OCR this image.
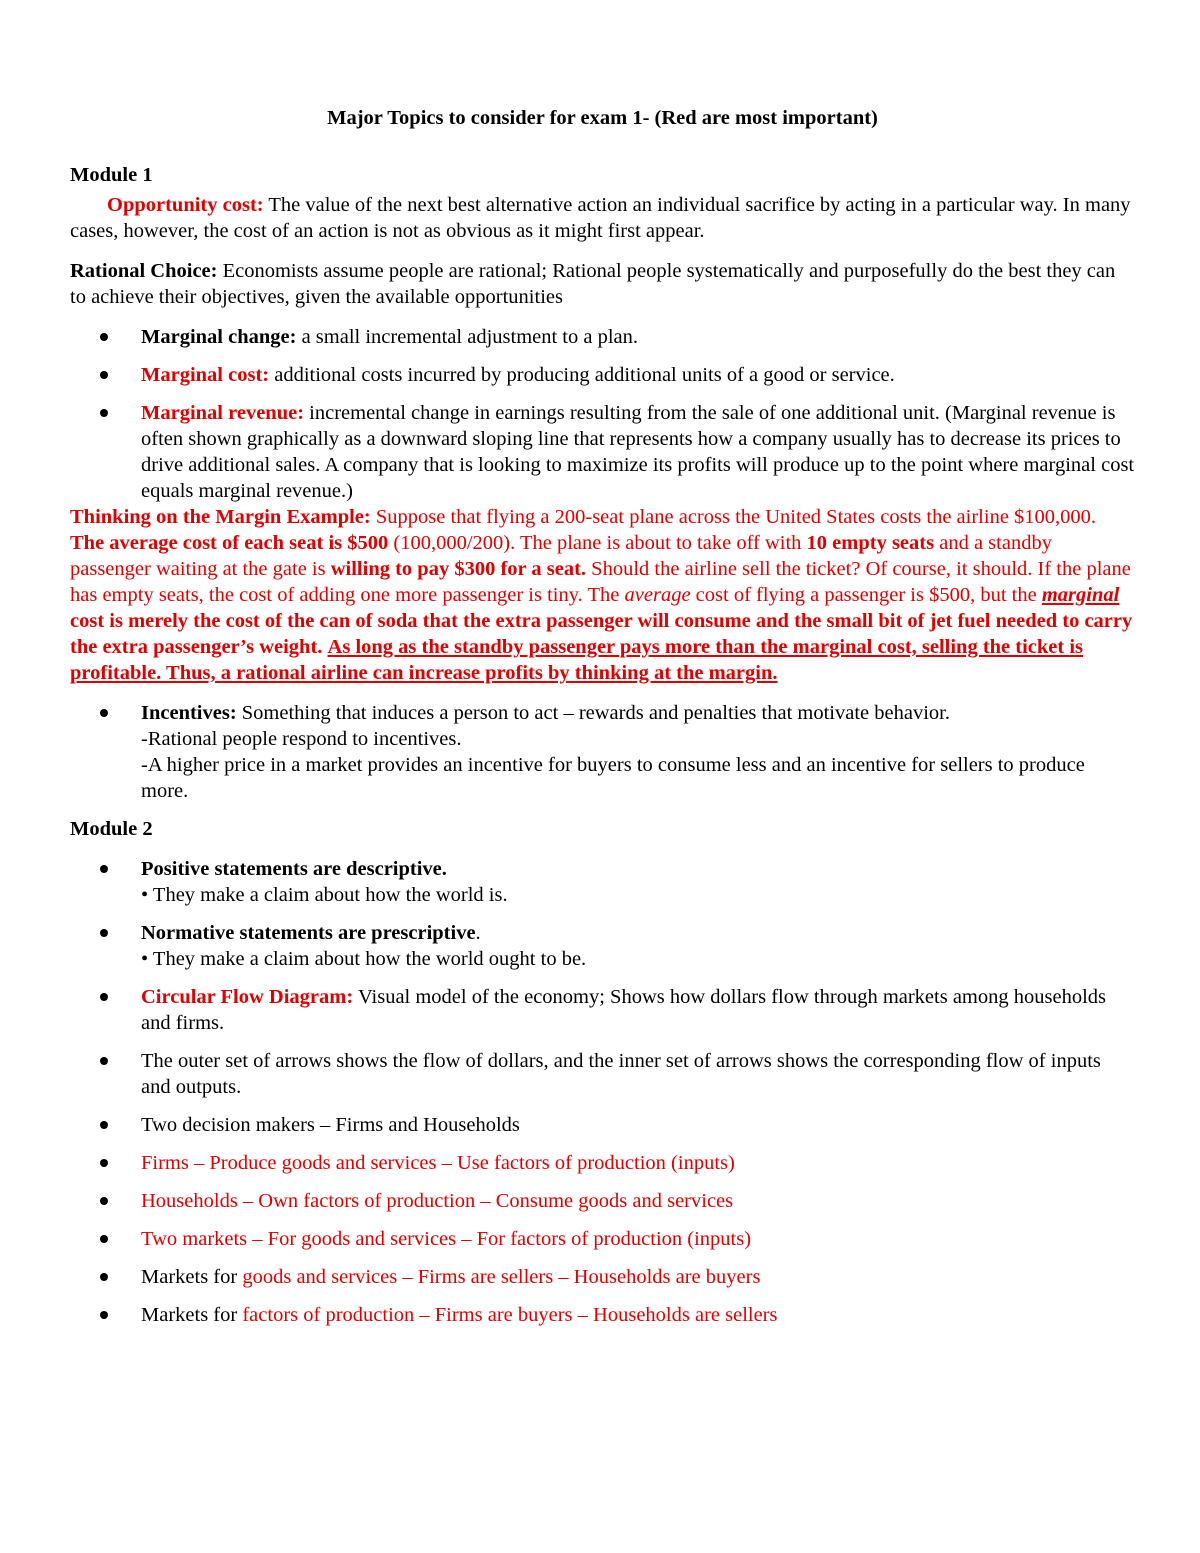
Major Topics to consider for exam 1- (Red are most important)

Module 1

Opportunity cost: The value of the next best alternative action an individual sacrifice by acting in a particular way. In many cases, however, the cost of an action is not as obvious as it might first appear.

Rational Choice: Economists assume people are rational; Rational people systematically and purposefully do the best they can to achieve their objectives, given the available opportunities

Marginal change: a small incremental adjustment to a plan.
Marginal cost: additional costs incurred by producing additional units of a good or service.
Marginal revenue: incremental change in earnings resulting from the sale of one additional unit. (Marginal revenue is often shown graphically as a downward sloping line that represents how a company usually has to decrease its prices to drive additional sales. A company that is looking to maximize its profits will produce up to the point where marginal cost equals marginal revenue.)

Thinking on the Margin Example: Suppose that flying a 200-seat plane across the United States costs the airline $100,000. The average cost of each seat is $500 (100,000/200). The plane is about to take off with 10 empty seats and a standby passenger waiting at the gate is willing to pay $300 for a seat. Should the airline sell the ticket? Of course, it should. If the plane has empty seats, the cost of adding one more passenger is tiny. The average cost of flying a passenger is $500, but the marginal cost is merely the cost of the can of soda that the extra passenger will consume and the small bit of jet fuel needed to carry the extra passenger’s weight. As long as the standby passenger pays more than the marginal cost, selling the ticket is profitable. Thus, a rational airline can increase profits by thinking at the margin.

Incentives: Something that induces a person to act – rewards and penalties that motivate behavior.
-Rational people respond to incentives.
-A higher price in a market provides an incentive for buyers to consume less and an incentive for sellers to produce more.

Module 2

Positive statements are descriptive.
• They make a claim about how the world is.
Normative statements are prescriptive.
• They make a claim about how the world ought to be.
Circular Flow Diagram: Visual model of the economy; Shows how dollars flow through markets among households and firms.
The outer set of arrows shows the flow of dollars, and the inner set of arrows shows the corresponding flow of inputs and outputs.
Two decision makers – Firms and Households
Firms – Produce goods and services – Use factors of production (inputs)
Households – Own factors of production – Consume goods and services
Two markets – For goods and services – For factors of production (inputs)
Markets for goods and services – Firms are sellers – Households are buyers
Markets for factors of production – Firms are buyers – Households are sellers
